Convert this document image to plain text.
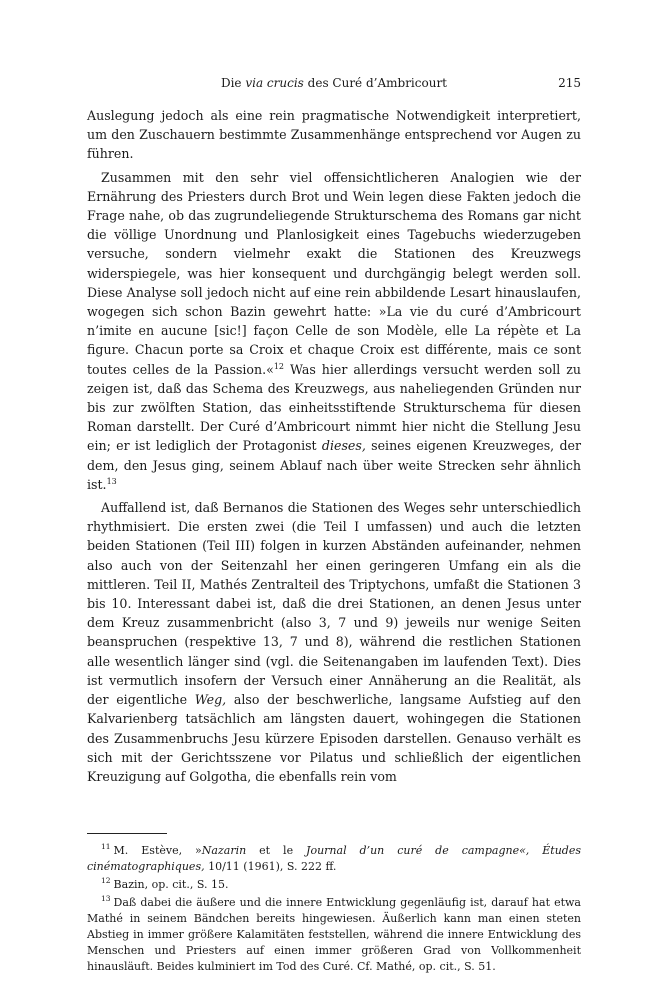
Die via crucis des Curé d’Ambricourt	215

Auslegung jedoch als eine rein pragmatische Notwendigkeit interpretiert, um den Zuschauern bestimmte Zusammenhänge entsprechend vor Augen zu führen.

Zusammen mit den sehr viel offensichtlicheren Analogien wie der Ernährung des Priesters durch Brot und Wein legen diese Fakten jedoch die Frage nahe, ob das zugrundeliegende Strukturschema des Romans gar nicht die völlige Unordnung und Planlosigkeit eines Tagebuchs wiederzugeben versuche, sondern vielmehr exakt die Stationen des Kreuzwegs widerspiegele, was hier konsequent und durchgängig belegt werden soll. Diese Analyse soll jedoch nicht auf eine rein abbildende Lesart hinauslaufen, wogegen sich schon Bazin gewehrt hatte: »La vie du curé d’Ambricourt n’imite en aucune [sic!] façon Celle de son Modèle, elle La répète et La figure. Chacun porte sa Croix et chaque Croix est différente, mais ce sont toutes celles de la Passion.«$^{12}$ Was hier allerdings versucht werden soll zu zeigen ist, daß das Schema des Kreuzwegs, aus naheliegenden Gründen nur bis zur zwölften Station, das einheitsstiftende Strukturschema für diesen Roman darstellt. Der Curé d’Ambricourt nimmt hier nicht die Stellung Jesu ein; er ist lediglich der Protagonist dieses, seines eigenen Kreuzweges, der dem, den Jesus ging, seinem Ablauf nach über weite Strecken sehr ähnlich ist.$^{13}$

Auffallend ist, daß Bernanos die Stationen des Weges sehr unterschiedlich rhythmisiert. Die ersten zwei (die Teil I umfassen) und auch die letzten beiden Stationen (Teil III) folgen in kurzen Abständen aufeinander, nehmen also auch von der Seitenzahl her einen geringeren Umfang ein als die mittleren. Teil II, Mathés Zentralteil des Triptychons, umfaßt die Stationen 3 bis 10. Interessant dabei ist, daß die drei Stationen, an denen Jesus unter dem Kreuz zusammenbricht (also 3, 7 und 9) jeweils nur wenige Seiten beanspruchen (respektive 13, 7 und 8), während die restlichen Stationen alle wesentlich länger sind (vgl. die Seitenangaben im laufenden Text). Dies ist vermutlich insofern der Versuch einer Annäherung an die Realität, als der eigentliche Weg, also der beschwerliche, langsame Aufstieg auf den Kalvarienberg tatsächlich am längsten dauert, wohingegen die Stationen des Zusammenbruchs Jesu kürzere Episoden darstellen. Genauso verhält es sich mit der Gerichtsszene vor Pilatus und schließlich der eigentlichen Kreuzigung auf Golgotha, die ebenfalls rein vom

$^{11}$ M. Estève, »Nazarin et le Journal d’un curé de campagne«, Études cinématographiques, 10/11 (1961), S. 222 ff.

$^{12}$ Bazin, op. cit., S. 15.

$^{13}$ Daß dabei die äußere und die innere Entwicklung gegenläufig ist, darauf hat etwa Mathé in seinem Bändchen bereits hingewiesen. Äußerlich kann man einen steten Abstieg in immer größere Kalamitäten feststellen, während die innere Entwicklung des Menschen und Priesters auf einen immer größeren Grad von Vollkommenheit hinausläuft. Beides kulminiert im Tod des Curé. Cf. Mathé, op. cit., S. 51.
